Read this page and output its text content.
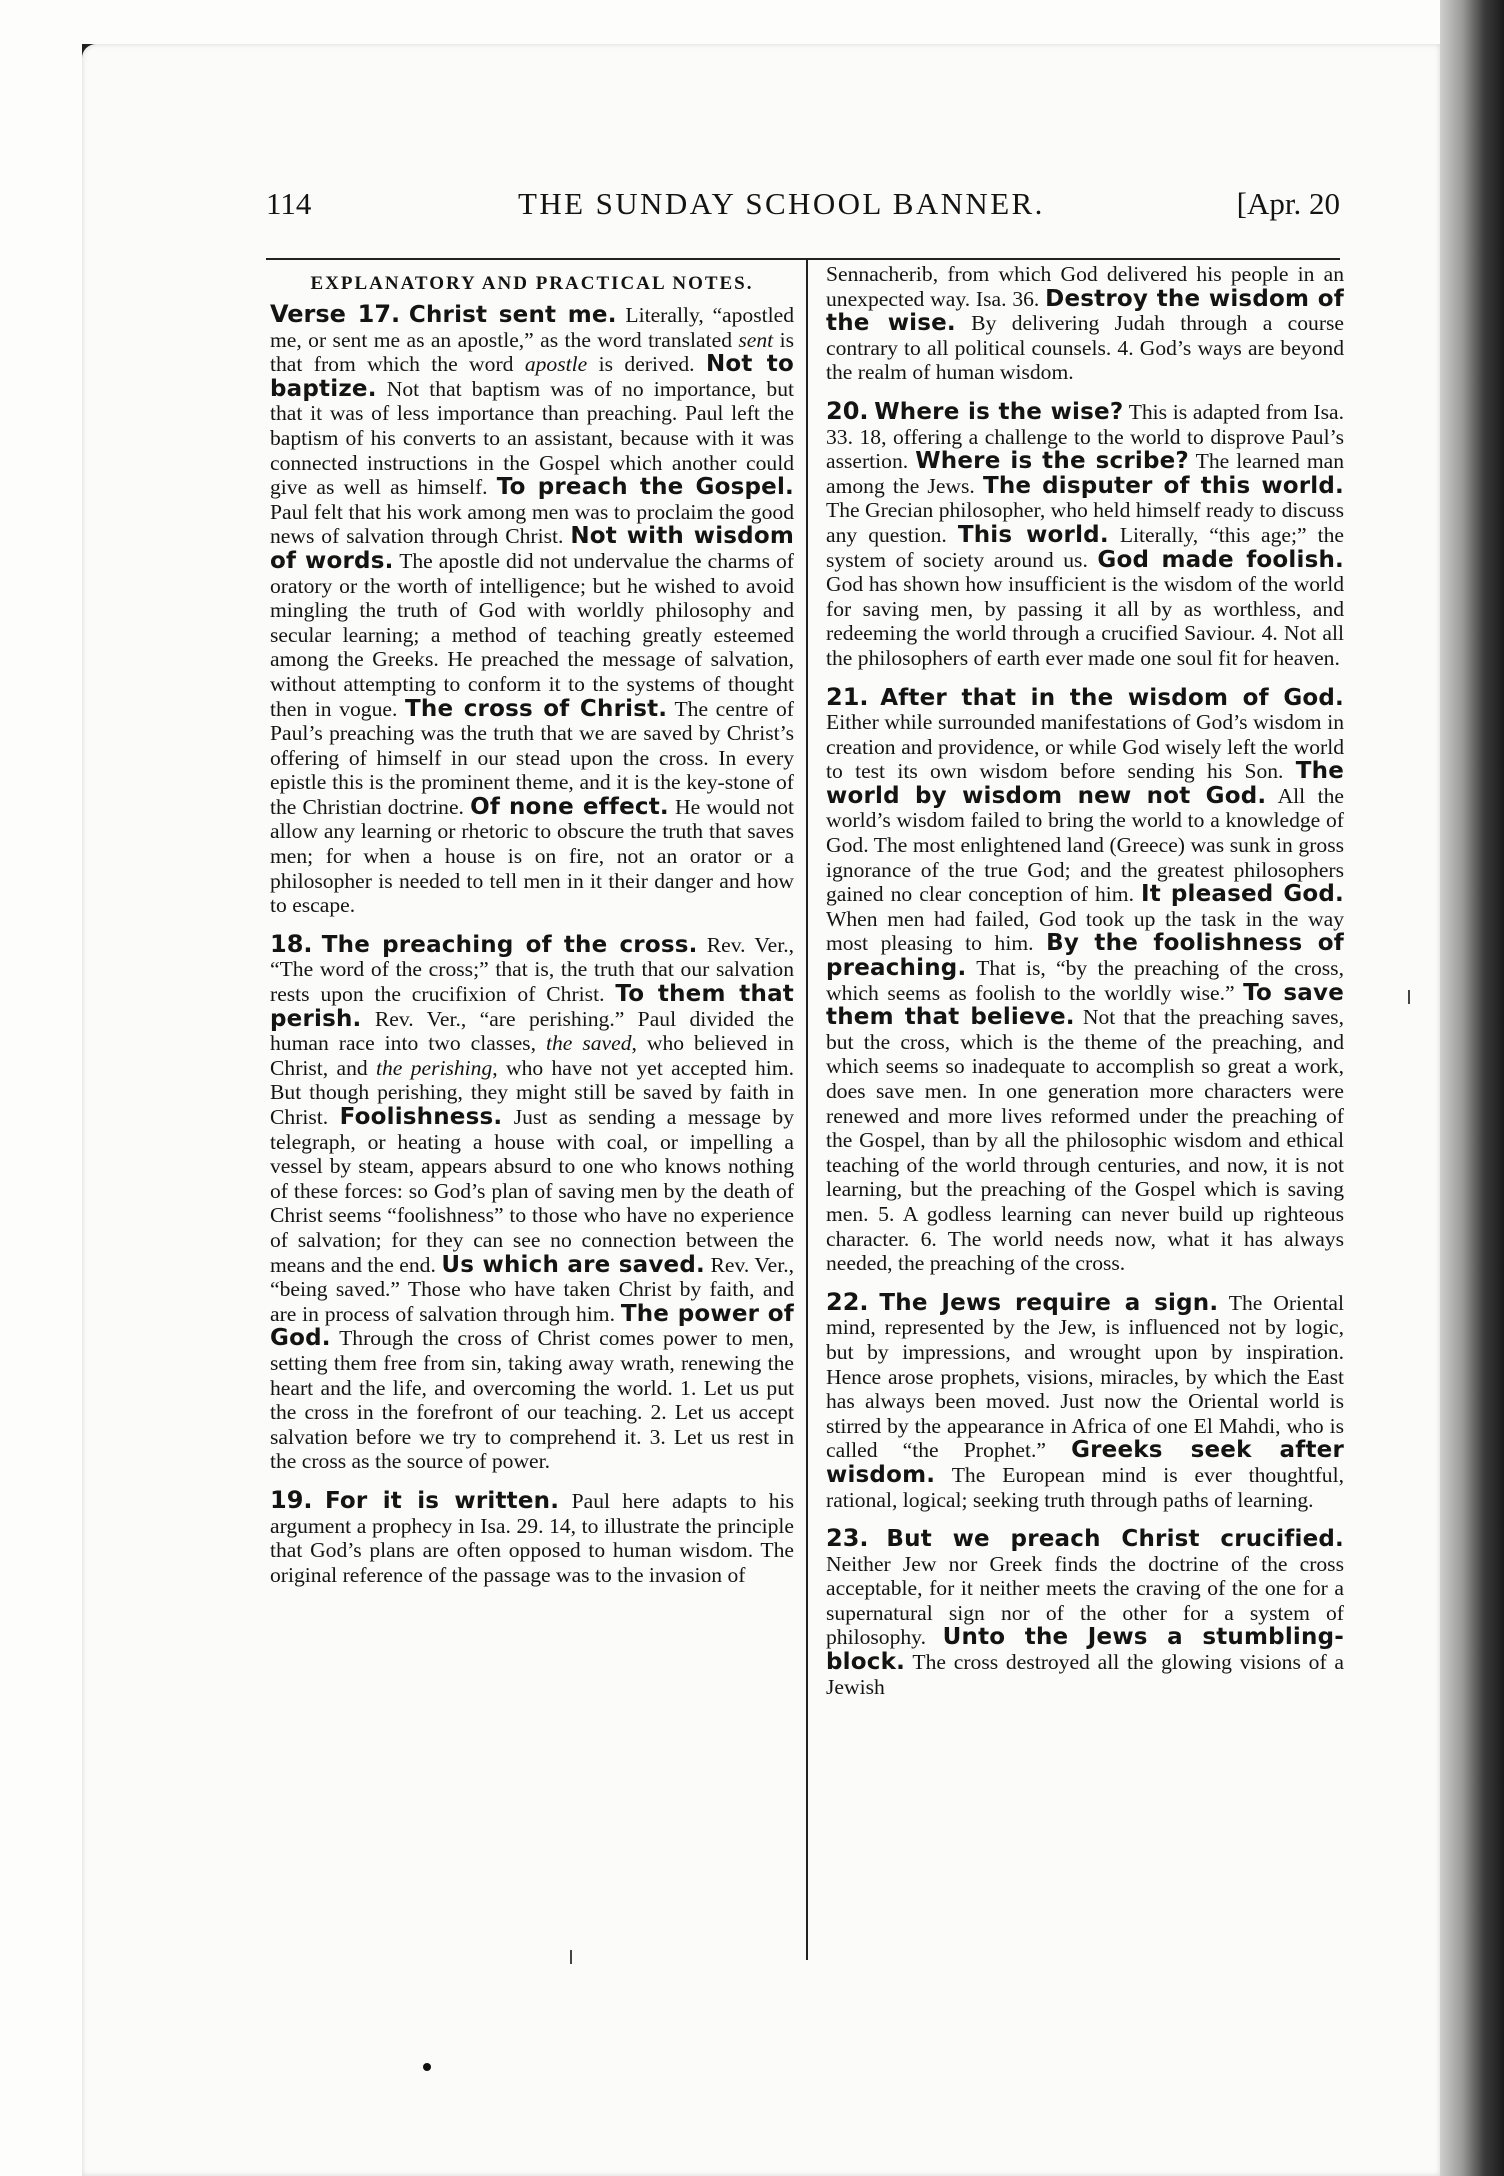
114	THE SUNDAY SCHOOL BANNER.	[Apr. 20
EXPLANATORY AND PRACTICAL NOTES.

Verse 17. Christ sent me. Literally, “apostled me, or sent me as an apostle,” as the word translated sent is that from which the word apostle is derived. Not to baptize. Not that baptism was of no importance, but that it was of less importance than preaching. Paul left the baptism of his converts to an assistant, because with it was connected instructions in the Gospel which another could give as well as himself. To preach the Gospel. Paul felt that his work among men was to proclaim the good news of salvation through Christ. Not with wisdom of words. The apostle did not undervalue the charms of oratory or the worth of intelligence; but he wished to avoid mingling the truth of God with worldly philosophy and secular learning; a method of teaching greatly esteemed among the Greeks. He preached the message of salvation, without attempting to conform it to the systems of thought then in vogue. The cross of Christ. The centre of Paul’s preaching was the truth that we are saved by Christ’s offering of himself in our stead upon the cross. In every epistle this is the prominent theme, and it is the key-stone of the Christian doctrine. Of none effect. He would not allow any learning or rhetoric to obscure the truth that saves men; for when a house is on fire, not an orator or a philosopher is needed to tell men in it their danger and how to escape.

18. The preaching of the cross. Rev. Ver., “The word of the cross;” that is, the truth that our salvation rests upon the crucifixion of Christ. To them that perish. Rev. Ver., “are perishing.” Paul divided the human race into two classes, the saved, who believed in Christ, and the perishing, who have not yet accepted him. But though perishing, they might still be saved by faith in Christ. Foolishness. Just as sending a message by telegraph, or heating a house with coal, or impelling a vessel by steam, appears absurd to one who knows nothing of these forces: so God’s plan of saving men by the death of Christ seems “foolishness” to those who have no experience of salvation; for they can see no connection between the means and the end. Us which are saved. Rev. Ver., “being saved.” Those who have taken Christ by faith, and are in process of salvation through him. The power of God. Through the cross of Christ comes power to men, setting them free from sin, taking away wrath, renewing the heart and the life, and overcoming the world. 1. Let us put the cross in the forefront of our teaching. 2. Let us accept salvation before we try to comprehend it. 3. Let us rest in the cross as the source of power.

19. For it is written. Paul here adapts to his argument a prophecy in Isa. 29. 14, to illustrate the principle that God’s plans are often opposed to human wisdom. The original reference of the passage was to the invasion of

Sennacherib, from which God delivered his people in an unexpected way. Isa. 36. Destroy the wisdom of the wise. By delivering Judah through a course contrary to all political counsels. 4. God’s ways are beyond the realm of human wisdom.

20. Where is the wise? This is adapted from Isa. 33. 18, offering a challenge to the world to disprove Paul’s assertion. Where is the scribe? The learned man among the Jews. The disputer of this world. The Grecian philosopher, who held himself ready to discuss any question. This world. Literally, “this age;” the system of society around us. God made foolish. God has shown how insufficient is the wisdom of the world for saving men, by passing it all by as worthless, and redeeming the world through a crucified Saviour. 4. Not all the philosophers of earth ever made one soul fit for heaven.

21. After that in the wisdom of God. Either while surrounded manifestations of God’s wisdom in creation and providence, or while God wisely left the world to test its own wisdom before sending his Son. The world by wisdom new not God. All the world’s wisdom failed to bring the world to a knowledge of God. The most enlightened land (Greece) was sunk in gross ignorance of the true God; and the greatest philosophers gained no clear conception of him. It pleased God. When men had failed, God took up the task in the way most pleasing to him. By the foolishness of preaching. That is, “by the preaching of the cross, which seems as foolish to the worldly wise.” To save them that believe. Not that the preaching saves, but the cross, which is the theme of the preaching, and which seems so inadequate to accomplish so great a work, does save men. In one generation more characters were renewed and more lives reformed under the preaching of the Gospel, than by all the philosophic wisdom and ethical teaching of the world through centuries, and now, it is not learning, but the preaching of the Gospel which is saving men. 5. A godless learning can never build up righteous character. 6. The world needs now, what it has always needed, the preaching of the cross.

22. The Jews require a sign. The Oriental mind, represented by the Jew, is influenced not by logic, but by impressions, and wrought upon by inspiration. Hence arose prophets, visions, miracles, by which the East has always been moved. Just now the Oriental world is stirred by the appearance in Africa of one El Mahdi, who is called “the Prophet.” Greeks seek after wisdom. The European mind is ever thoughtful, rational, logical; seeking truth through paths of learning.

23. But we preach Christ crucified. Neither Jew nor Greek finds the doctrine of the cross acceptable, for it neither meets the craving of the one for a supernatural sign nor of the other for a system of philosophy. Unto the Jews a stumbling-block. The cross destroyed all the glowing visions of a Jewish
